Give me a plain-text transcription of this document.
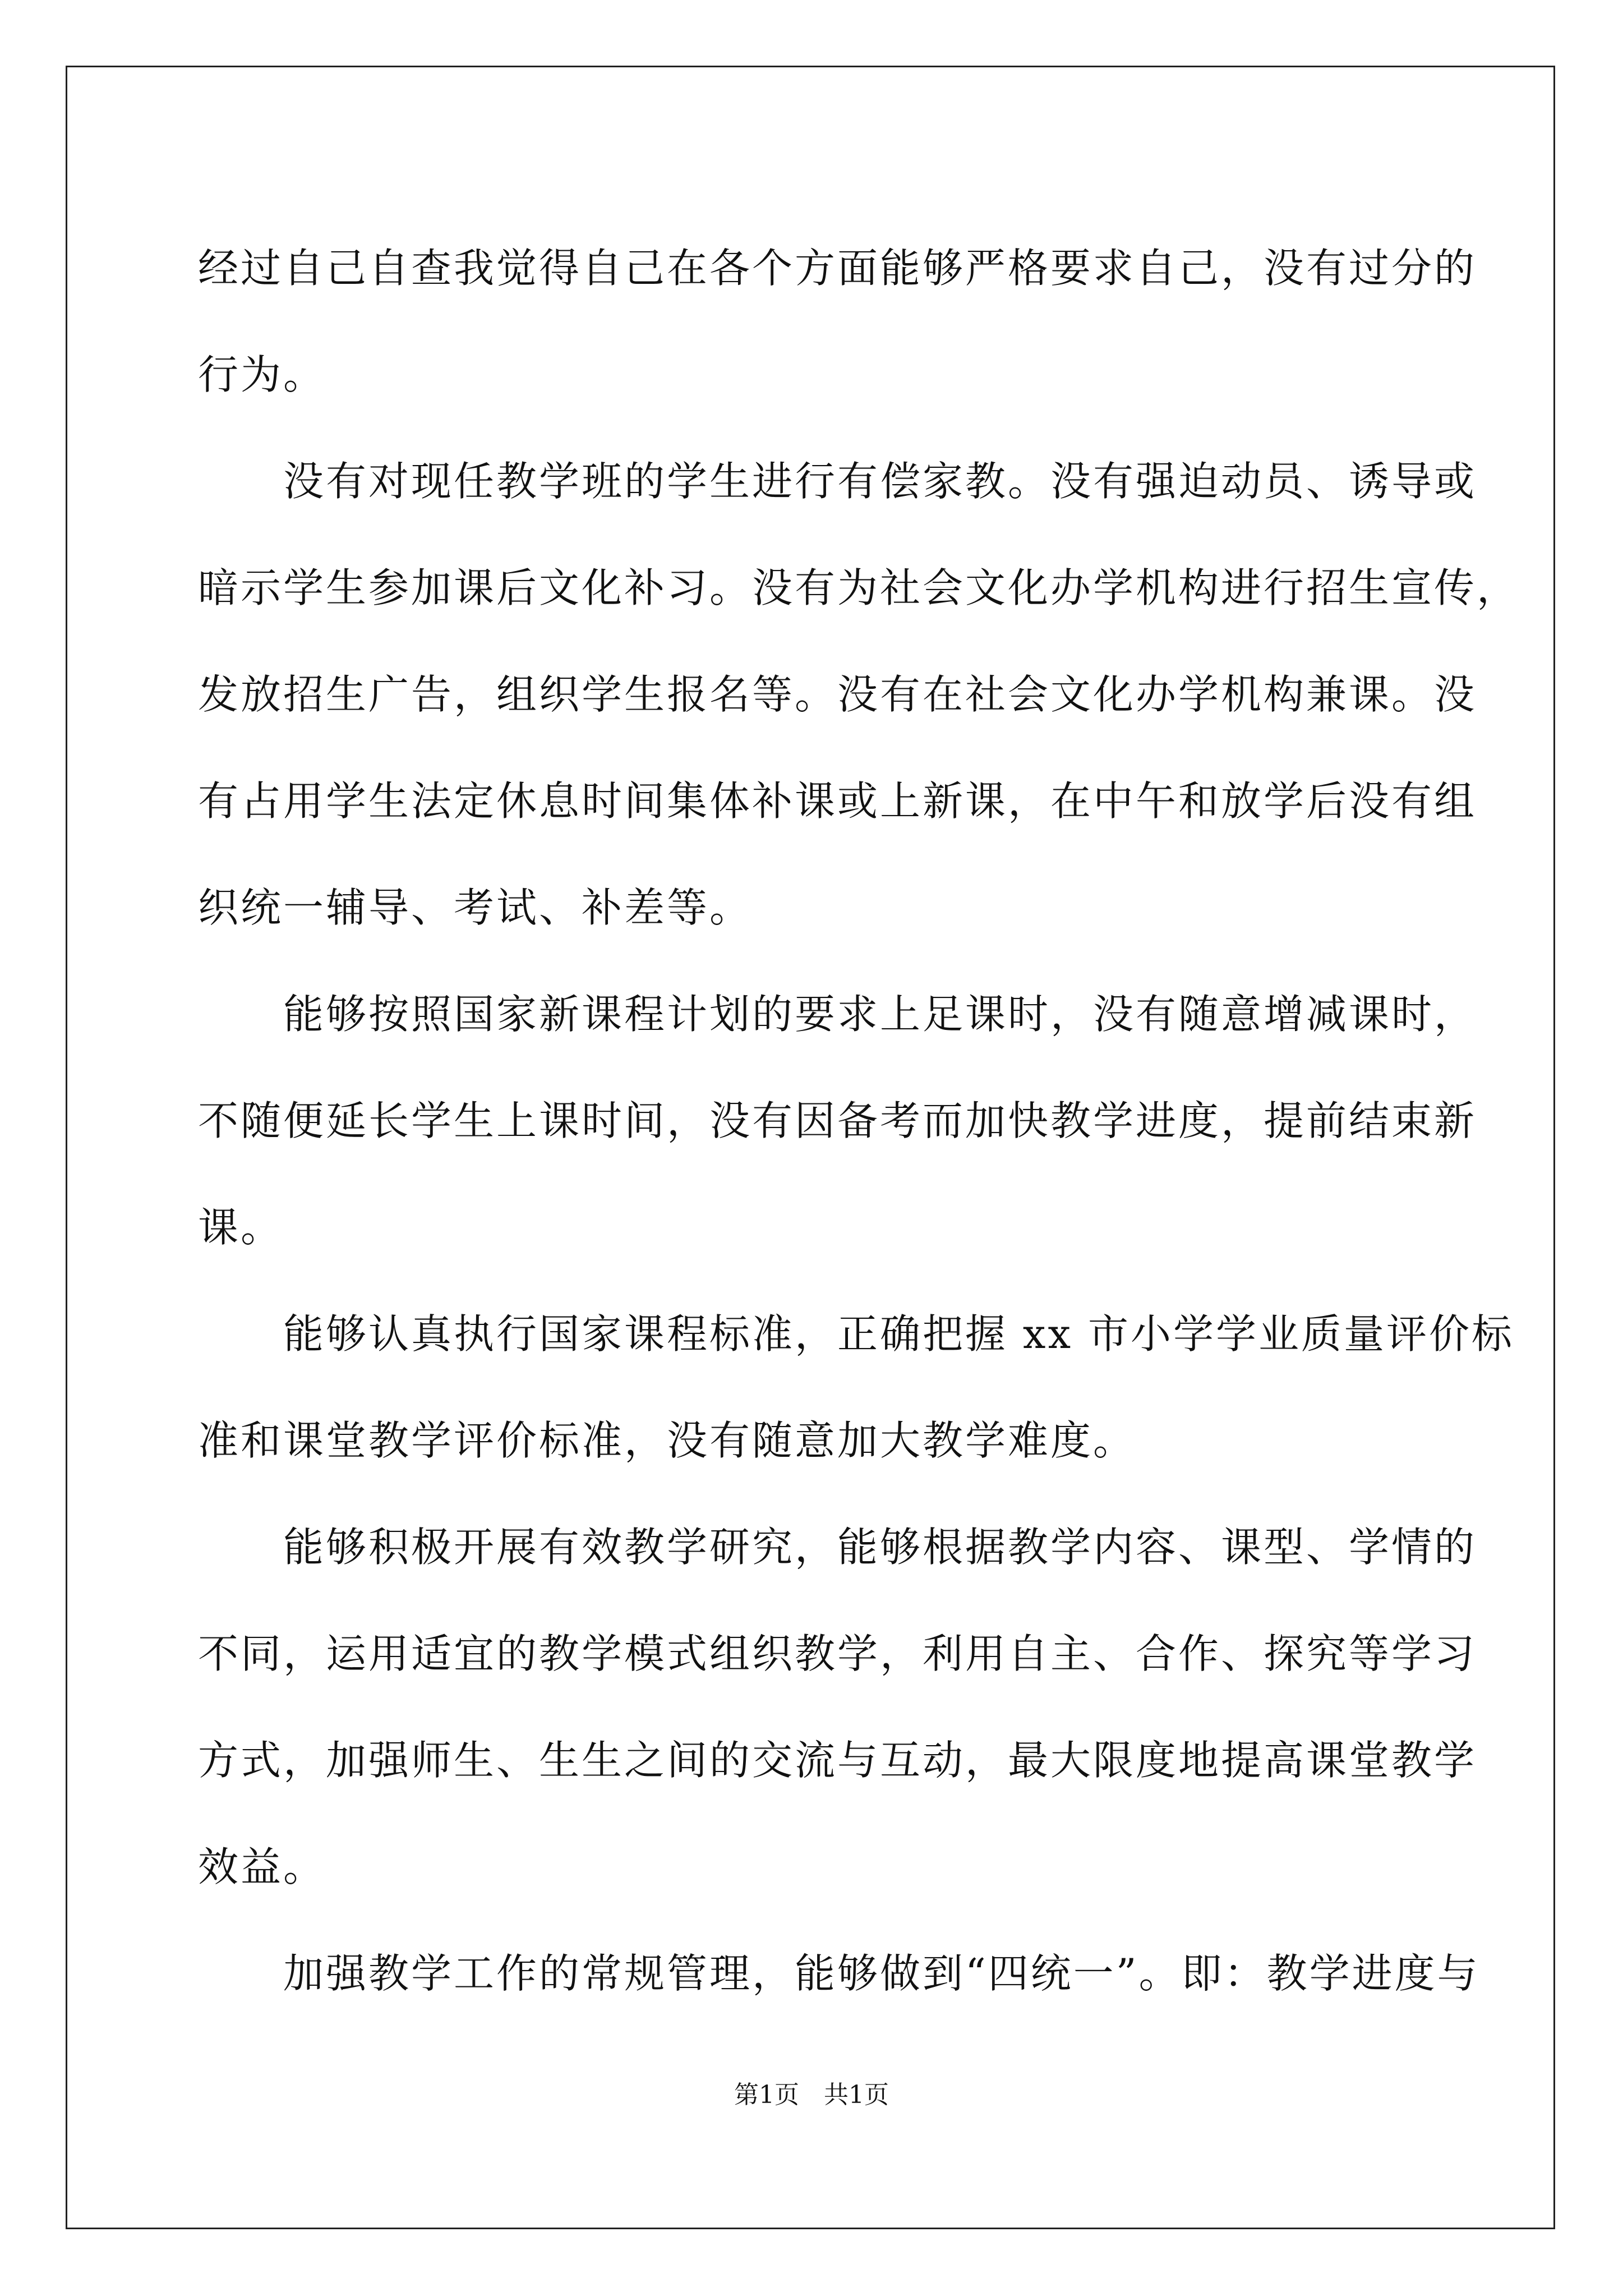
经过自己自查我觉得自己在各个方面能够严格要求自己，没有过分的
行为。
　　没有对现任教学班的学生进行有偿家教。没有强迫动员、诱导或
暗示学生参加课后文化补习。没有为社会文化办学机构进行招生宣传，
发放招生广告，组织学生报名等。没有在社会文化办学机构兼课。没
有占用学生法定休息时间集体补课或上新课，在中午和放学后没有组
织统一辅导、考试、补差等。
　　能够按照国家新课程计划的要求上足课时，没有随意增减课时，
不随便延长学生上课时间，没有因备考而加快教学进度，提前结束新
课。
　　能够认真执行国家课程标准，正确把握 xx 市小学学业质量评价标
准和课堂教学评价标准，没有随意加大教学难度。
　　能够积极开展有效教学研究，能够根据教学内容、课型、学情的
不同，运用适宜的教学模式组织教学，利用自主、合作、探究等学习
方式，加强师生、生生之间的交流与互动，最大限度地提高课堂教学
效益。
　　加强教学工作的常规管理，能够做到“四统一”。即：教学进度与
第1页　共1页
